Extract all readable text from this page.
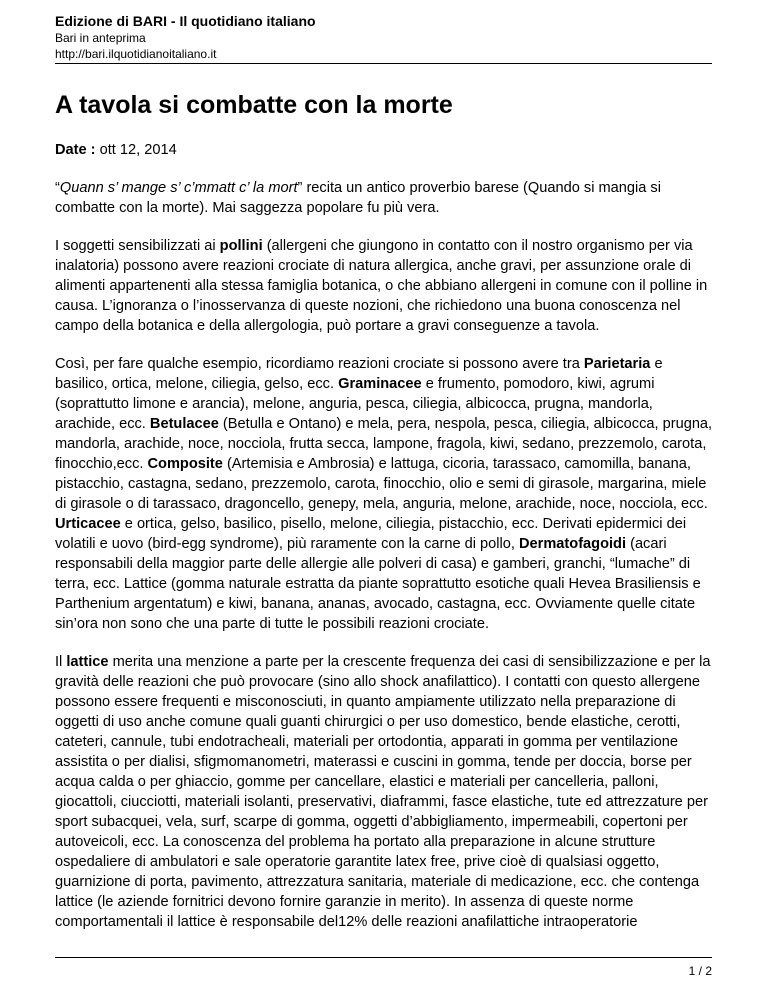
Edizione di BARI - Il quotidiano italiano
Bari in anteprima
http://bari.ilquotidianoitaliano.it
A tavola si combatte con la morte
Date : ott 12, 2014

“Quann s’ mange s’ c’mmatt c’ la mort” recita un antico proverbio barese (Quando si mangia si combatte con la morte). Mai saggezza popolare fu più vera.

I soggetti sensibilizzati ai pollini (allergeni che giungono in contatto con il nostro organismo per via inalatoria) possono avere reazioni crociate di natura allergica, anche gravi, per assunzione orale di alimenti appartenenti alla stessa famiglia botanica, o che abbiano allergeni in comune con il polline in causa. L’ignoranza o l’inosservanza di queste nozioni, che richiedono una buona conoscenza nel campo della botanica e della allergologia, può portare a gravi conseguenze a tavola.

Così, per fare qualche esempio, ricordiamo reazioni crociate si possono avere tra Parietaria e basilico, ortica, melone, ciliegia, gelso, ecc. Graminacee e frumento, pomodoro, kiwi, agrumi (soprattutto limone e arancia), melone, anguria, pesca, ciliegia, albicocca, prugna, mandorla, arachide, ecc. Betulacee (Betulla e Ontano) e mela, pera, nespola, pesca, ciliegia, albicocca, prugna, mandorla, arachide, noce, nocciola, frutta secca, lampone, fragola, kiwi, sedano, prezzemolo, carota, finocchio,ecc. Composite (Artemisia e Ambrosia) e lattuga, cicoria, tarassaco, camomilla, banana, pistacchio, castagna, sedano, prezzemolo, carota, finocchio, olio e semi di girasole, margarina, miele di girasole o di tarassaco, dragoncello, genepy, mela, anguria, melone, arachide, noce, nocciola, ecc. Urticacee e ortica, gelso, basilico, pisello, melone, ciliegia, pistacchio, ecc. Derivati epidermici dei volatili e uovo (bird-egg syndrome), più raramente con la carne di pollo, Dermatofagoidi (acari responsabili della maggior parte delle allergie alle polveri di casa) e gamberi, granchi, “lumache” di terra, ecc. Lattice (gomma naturale estratta da piante soprattutto esotiche quali Hevea Brasiliensis e Parthenium argentatum) e kiwi, banana, ananas, avocado, castagna, ecc. Ovviamente quelle citate sin’ora non sono che una parte di tutte le possibili reazioni crociate.

Il lattice merita una menzione a parte per la crescente frequenza dei casi di sensibilizzazione e per la gravità delle reazioni che può provocare (sino allo shock anafilattico). I contatti con questo allergene possono essere frequenti e misconosciuti, in quanto ampiamente utilizzato nella preparazione di oggetti di uso anche comune quali guanti chirurgici o per uso domestico, bende elastiche, cerotti, cateteri, cannule, tubi endotracheali, materiali per ortodontia, apparati in gomma per ventilazione assistita o per dialisi, sfigmomanometri, materassi e cuscini in gomma, tende per doccia, borse per acqua calda o per ghiaccio, gomme per cancellare, elastici e materiali per cancelleria, palloni, giocattoli, ciucciotti, materiali isolanti, preservativi, diaframmi, fasce elastiche, tute ed attrezzature per sport subacquei, vela, surf, scarpe di gomma, oggetti d’abbigliamento, impermeabili, copertoni per autoveicoli, ecc. La conoscenza del problema ha portato alla preparazione in alcune strutture ospedaliere di ambulatori e sale operatorie garantite latex free, prive cioè di qualsiasi oggetto, guarnizione di porta, pavimento, attrezzatura sanitaria, materiale di medicazione, ecc. che contenga lattice (le aziende fornitrici devono fornire garanzie in merito). In assenza di queste norme comportamentali il lattice è responsabile del12% delle reazioni anafilattiche intraoperatorie

1 / 2
